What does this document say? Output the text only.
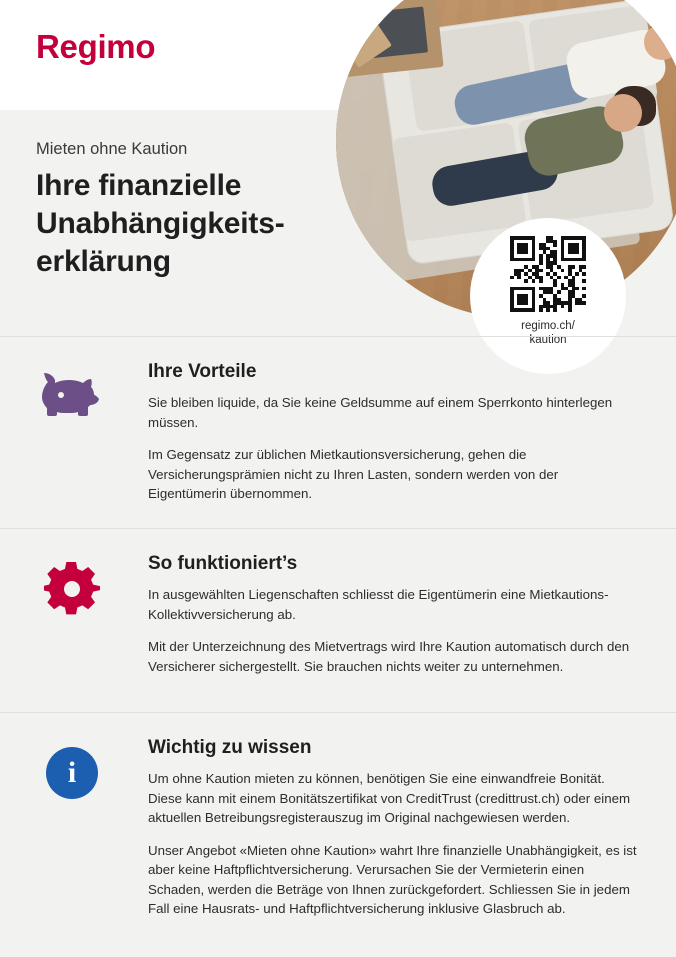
Regimo
regimo.ch/
kaution

Mieten ohne Kaution

Ihre finanzielle
Unabhängigkeits-
erklärung
Ihre Vorteile

Sie bleiben liquide, da Sie keine Geldsumme auf einem Sperrkonto hinterlegen müssen.

Im Gegensatz zur üblichen Mietkautionsversicherung, gehen die Versicherungsprämien nicht zu Ihren Lasten, sondern werden von der Eigentümerin übernommen.

So funktioniert’s

In ausgewählten Liegenschaften schliesst die Eigentümerin eine Mietkautions-Kollektivversicherung ab.

Mit der Unterzeichnung des Mietvertrags wird Ihre Kaution automatisch durch den Versicherer sichergestellt. Sie brauchen nichts weiter zu unternehmen.

i
Wichtig zu wissen

Um ohne Kaution mieten zu können, benötigen Sie eine einwandfreie Bonität. Diese kann mit einem Bonitätszertifikat von CreditTrust (credittrust.ch) oder einem aktuellen Betreibungsregisterauszug im Original nachgewiesen werden.

Unser Angebot «Mieten ohne Kaution» wahrt Ihre finanzielle Unabhängigkeit, es ist aber keine Haftpflichtversicherung. Verursachen Sie der Vermieterin einen Schaden, werden die Beträge von Ihnen zurückgefordert. Schliessen Sie in jedem Fall eine Hausrats- und Haftpflichtversicherung inklusive Glasbruch ab.
